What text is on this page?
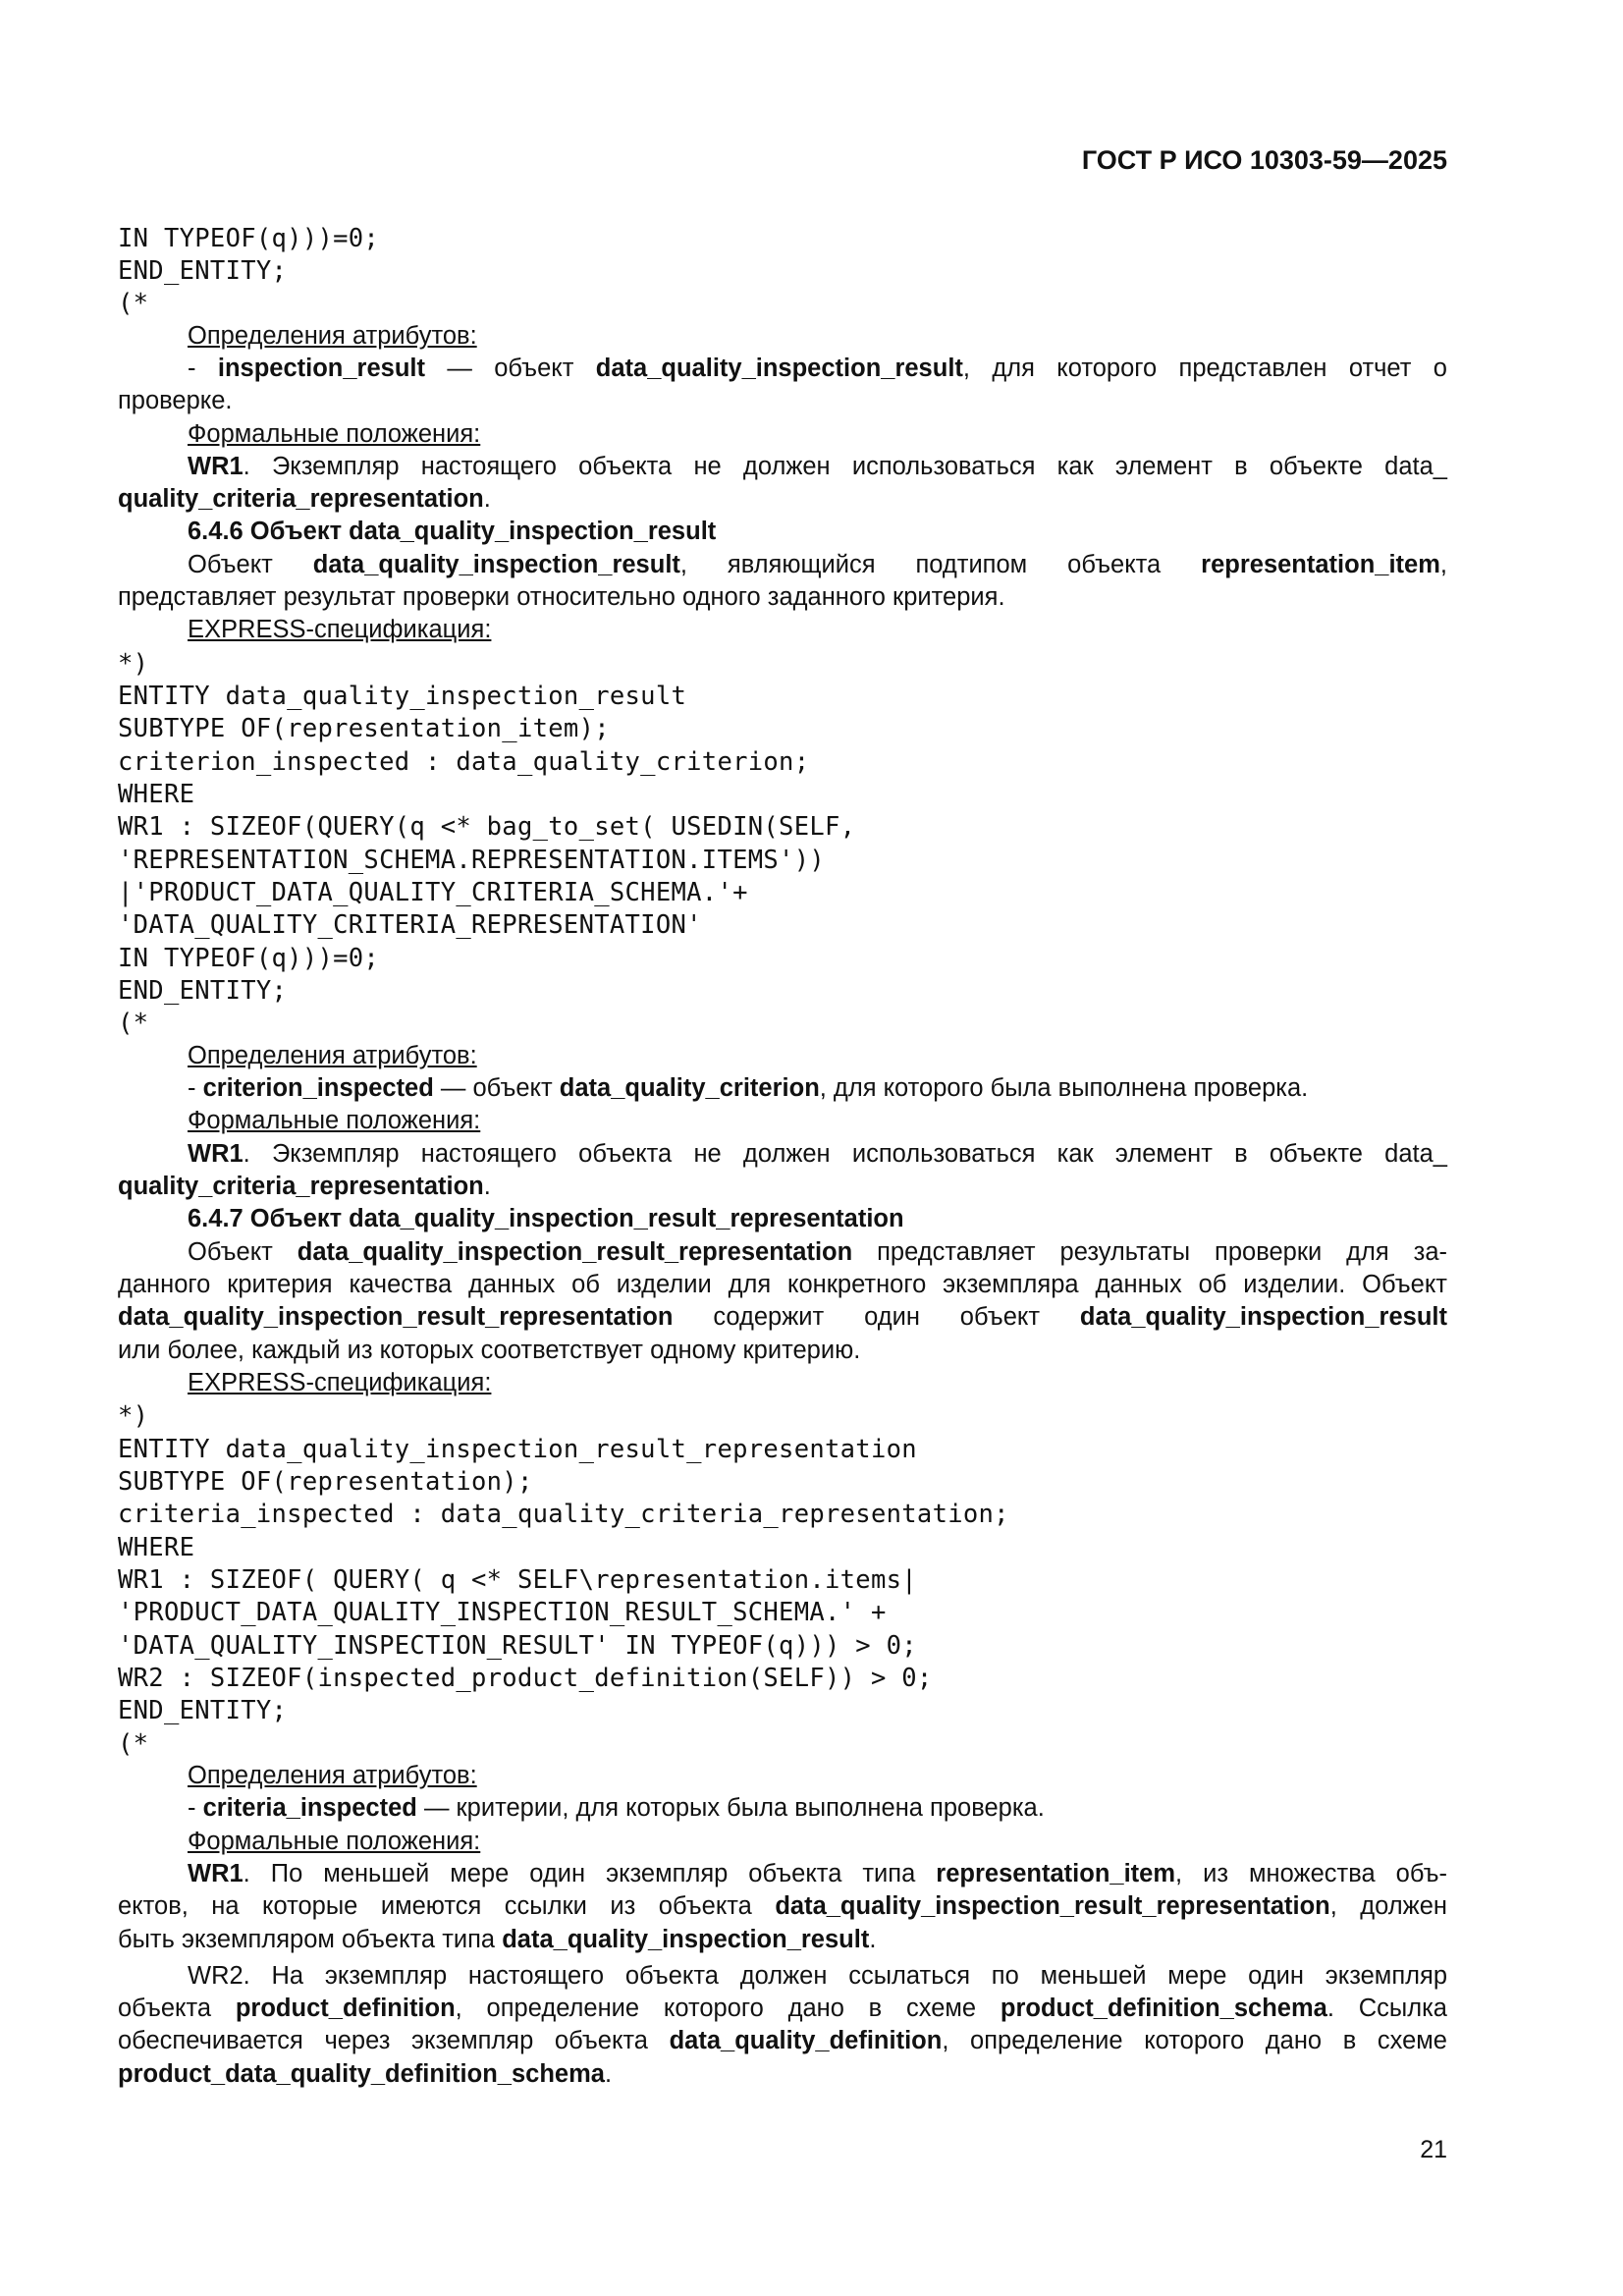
ГОСТ Р ИСО 10303-59—2025
IN TYPEOF(q)))=0;
END_ENTITY;
(*
Определения атрибутов:
- inspection_result — объект data_quality_inspection_result, для которого представлен отчет о
проверке.
Формальные положения:
WR1. Экземпляр настоящего объекта не должен использоваться как элемент в объекте data_
quality_criteria_representation.
6.4.6 Объект data_quality_inspection_result
Объект data_quality_inspection_result, являющийся подтипом объекта representation_item,
представляет результат проверки относительно одного заданного критерия.
EXPRESS-спецификация:
*)
ENTITY data_quality_inspection_result
SUBTYPE OF(representation_item);
criterion_inspected : data_quality_criterion;
WHERE
WR1 : SIZEOF(QUERY(q <* bag_to_set( USEDIN(SELF,
'REPRESENTATION_SCHEMA.REPRESENTATION.ITEMS'))
|'PRODUCT_DATA_QUALITY_CRITERIA_SCHEMA.'+
'DATA_QUALITY_CRITERIA_REPRESENTATION'
IN TYPEOF(q)))=0;
END_ENTITY;
(*
Определения атрибутов:
- criterion_inspected — объект data_quality_criterion, для которого была выполнена проверка.
Формальные положения:
WR1. Экземпляр настоящего объекта не должен использоваться как элемент в объекте data_
quality_criteria_representation.
6.4.7 Объект data_quality_inspection_result_representation
Объект data_quality_inspection_result_representation представляет результаты проверки для за-
данного критерия качества данных об изделии для конкретного экземпляра данных об изделии. Объект
data_quality_inspection_result_representation содержит один объект data_quality_inspection_result
или более, каждый из которых соответствует одному критерию.
EXPRESS-спецификация:
*)
ENTITY data_quality_inspection_result_representation
SUBTYPE OF(representation);
criteria_inspected : data_quality_criteria_representation;
WHERE
WR1 : SIZEOF( QUERY( q <* SELF\representation.items|
'PRODUCT_DATA_QUALITY_INSPECTION_RESULT_SCHEMA.' +
'DATA_QUALITY_INSPECTION_RESULT' IN TYPEOF(q))) > 0;
WR2 : SIZEOF(inspected_product_definition(SELF)) > 0;
END_ENTITY;
(*
Определения атрибутов:
- criteria_inspected — критерии, для которых была выполнена проверка.
Формальные положения:
WR1. По меньшей мере один экземпляр объекта типа representation_item, из множества объ-
ектов, на которые имеются ссылки из объекта data_quality_inspection_result_representation, должен
быть экземпляром объекта типа data_quality_inspection_result.
WR2. На экземпляр настоящего объекта должен ссылаться по меньшей мере один экземпляр
объекта product_definition, определение которого дано в схеме product_definition_schema. Ссылка
обеспечивается через экземпляр объекта data_quality_definition, определение которого дано в схеме
product_data_quality_definition_schema.
21
